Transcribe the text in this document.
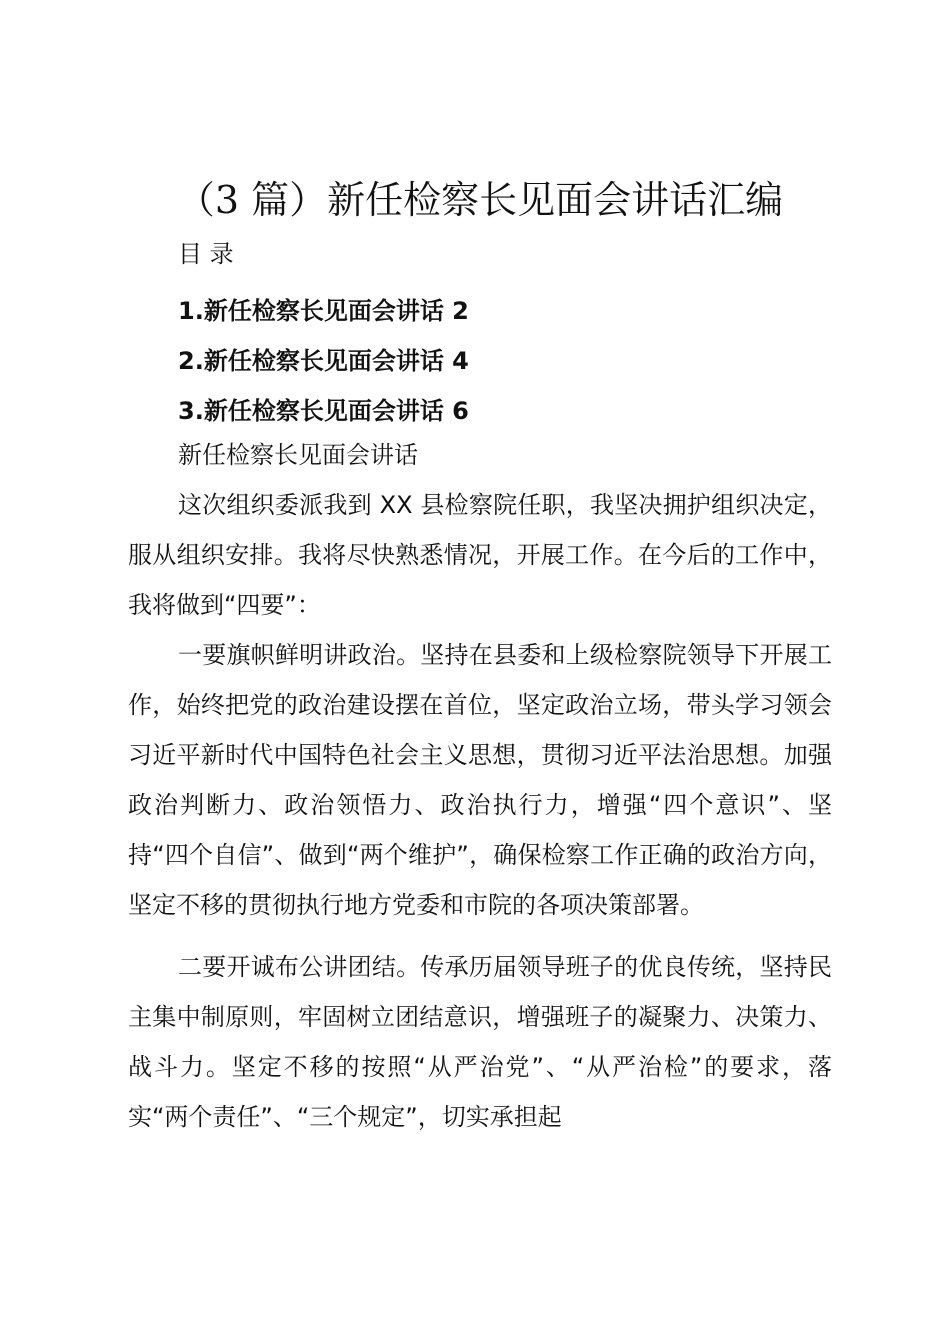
（3 篇）新任检察长见面会讲话汇编
目 录
1.新任检察长见面会讲话 2
2.新任检察长见面会讲话 4
3.新任检察长见面会讲话 6
新任检察长见面会讲话

这次组织委派我到 XX 县检察院任职，我坚决拥护组织决定，服从组织安排。我将尽快熟悉情况，开展工作。在今后的工作中，我将做到“四要”：

一要旗帜鲜明讲政治。坚持在县委和上级检察院领导下开展工作，始终把党的政治建设摆在首位，坚定政治立场，带头学习领会习近平新时代中国特色社会主义思想，贯彻习近平法治思想。加强政治判断力、政治领悟力、政治执行力，增强“四个意识”、坚持“四个自信”、做到“两个维护”，确保检察工作正确的政治方向，坚定不移的贯彻执行地方党委和市院的各项决策部署。

二要开诚布公讲团结。传承历届领导班子的优良传统，坚持民主集中制原则，牢固树立团结意识，增强班子的凝聚力、决策力、战斗力。坚定不移的按照“从严治党”、“从严治检”的要求，落实“两个责任”、“三个规定”，切实承担起
